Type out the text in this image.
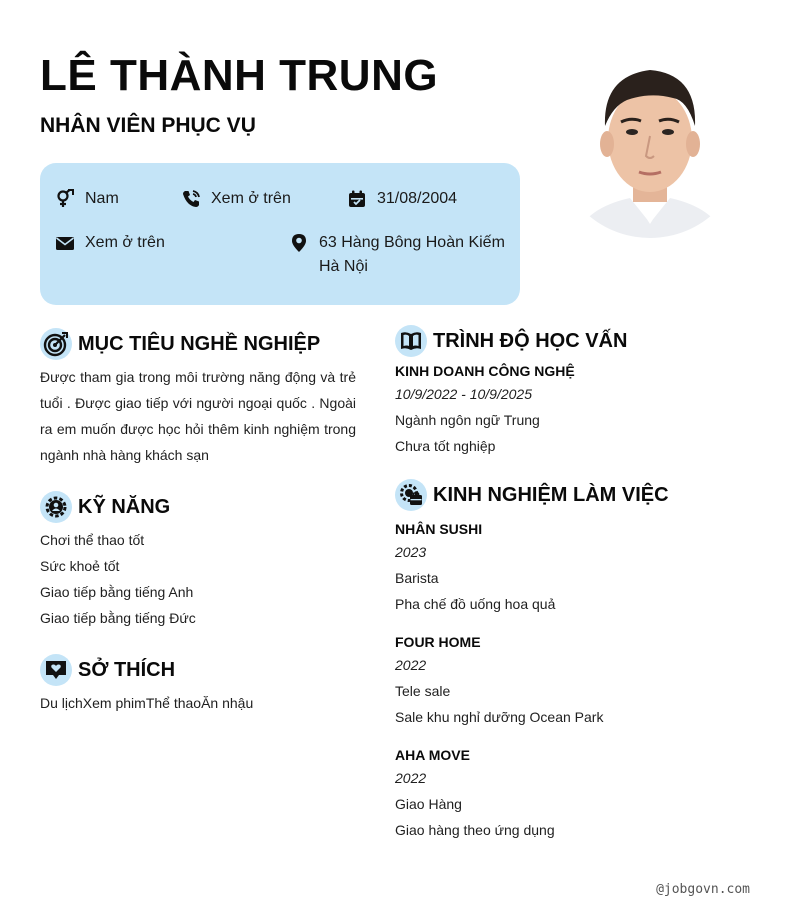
LÊ THÀNH TRUNG
NHÂN VIÊN PHỤC VỤ
Nam	Xem ở trên	31/08/2004
Xem ở trên	63 Hàng Bông Hoàn Kiếm
Hà Nội
MỤC TIÊU NGHỀ NGHIỆP
Được tham gia trong môi trường năng động và trẻ tuổi . Được giao tiếp với người ngoại quốc . Ngoài ra em muốn được học hỏi thêm kinh nghiệm trong ngành nhà hàng khách sạn
KỸ NĂNG
Chơi thể thao tốt
Sức khoẻ tốt
Giao tiếp bằng tiếng Anh
Giao tiếp bằng tiếng Đức
SỞ THÍCH
Du lịchXem phimThể thaoĂn nhậu
TRÌNH ĐỘ HỌC VẤN
KINH DOANH CÔNG NGHỆ
10/9/2022 - 10/9/2025
Ngành ngôn ngữ Trung
Chưa tốt nghiệp
KINH NGHIỆM LÀM VIỆC
NHÂN SUSHI
2023
Barista
Pha chế đồ uống hoa quả
FOUR HOME
2022
Tele sale
Sale khu nghỉ dưỡng Ocean Park
AHA MOVE
2022
Giao Hàng
Giao hàng theo ứng dụng
@jobgovn.com
